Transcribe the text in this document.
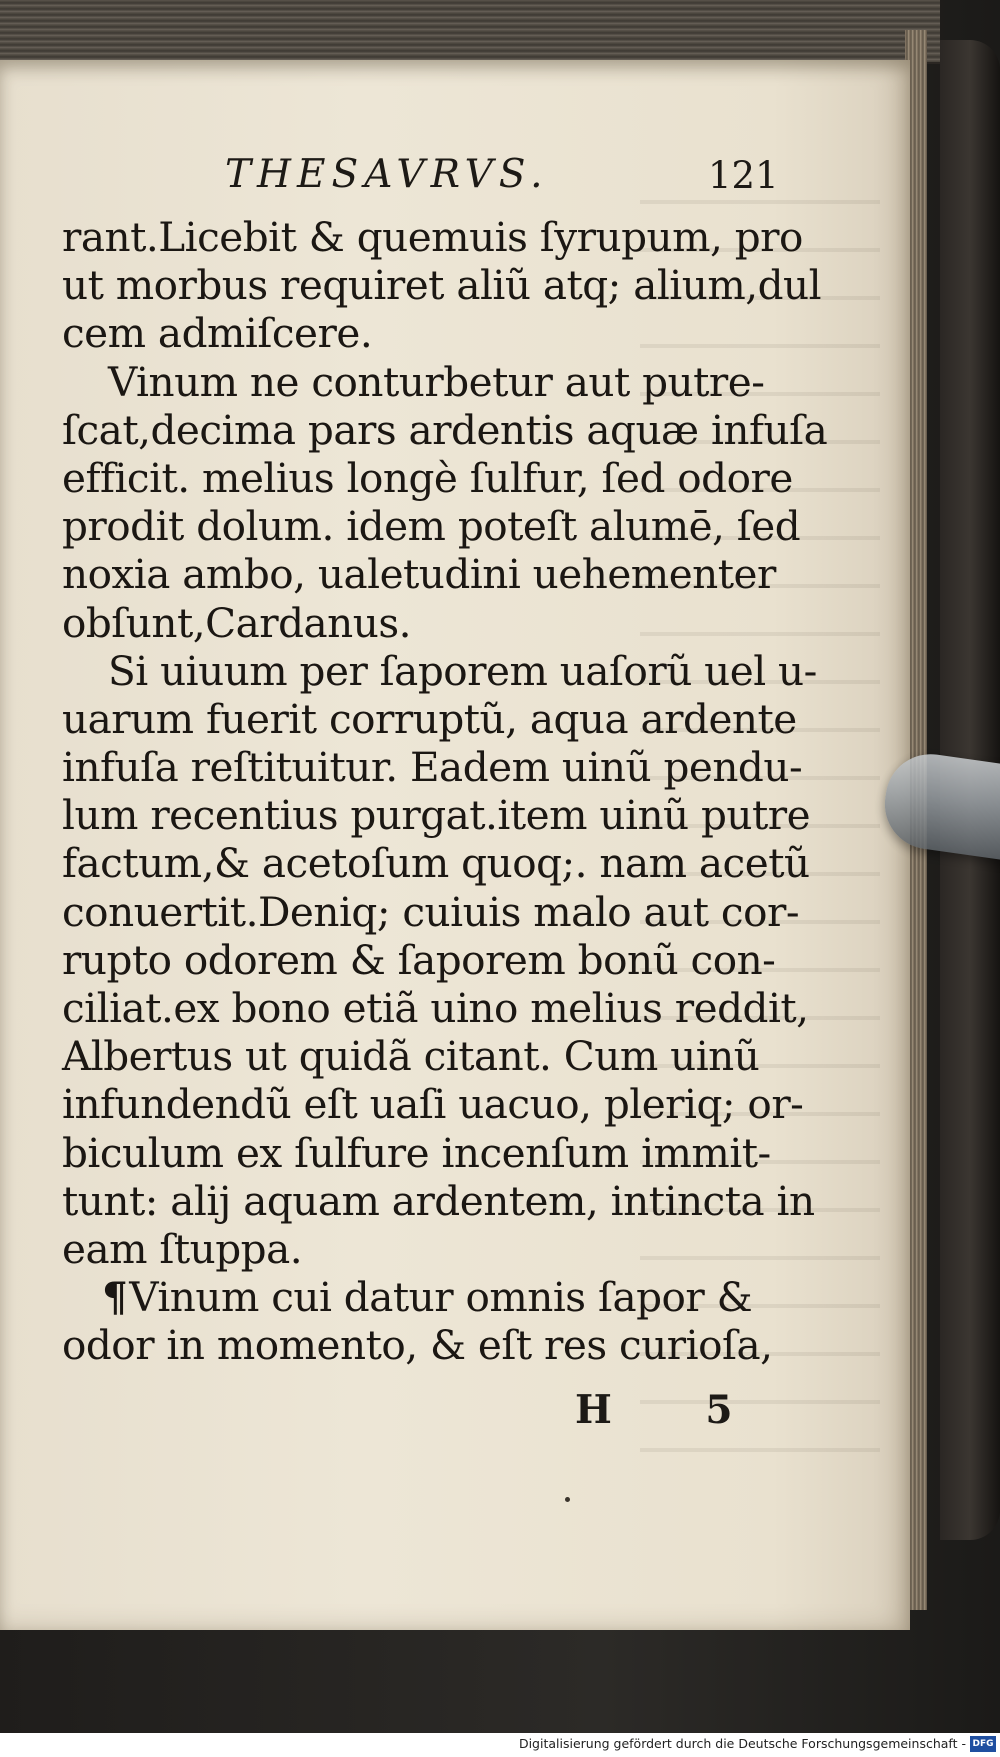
THESAVRVS.	121
rant.Licebit & quemuis ſyrupum, pro
ut morbus requiret aliũ atq; alium,dul
cem admiſcere.
Vinum ne conturbetur aut putre-
ſcat,decima pars ardentis aquæ infuſa
efficit. melius longè ſulfur, ſed odore
prodit dolum. idem poteſt alumē, ſed
noxia ambo, ualetudini uehementer
obſunt,Cardanus.
Si uiuum per ſaporem uaſorũ uel u-
uarum fuerit corruptũ, aqua ardente
infuſa reſtituitur. Eadem uinũ pendu-
lum recentius purgat.item uinũ putre
factum,& acetoſum quoq;. nam acetũ
conuertit.Deniq; cuiuis malo aut cor-
rupto odorem & ſaporem bonũ con-
ciliat.ex bono etiã uino melius reddit,
Albertus ut quidã citant. Cum uinũ
infundendũ eſt uaſi uacuo, pleriq; or-
biculum ex ſulfure incenſum immit-
tunt: alij aquam ardentem, intincta in
eam ſtuppa.
¶Vinum cui datur omnis ſapor &
odor in momento, & eſt res curioſa,
H 5
Digitalisierung gefördert durch die Deutsche Forschungsgemeinschaft - DFG
